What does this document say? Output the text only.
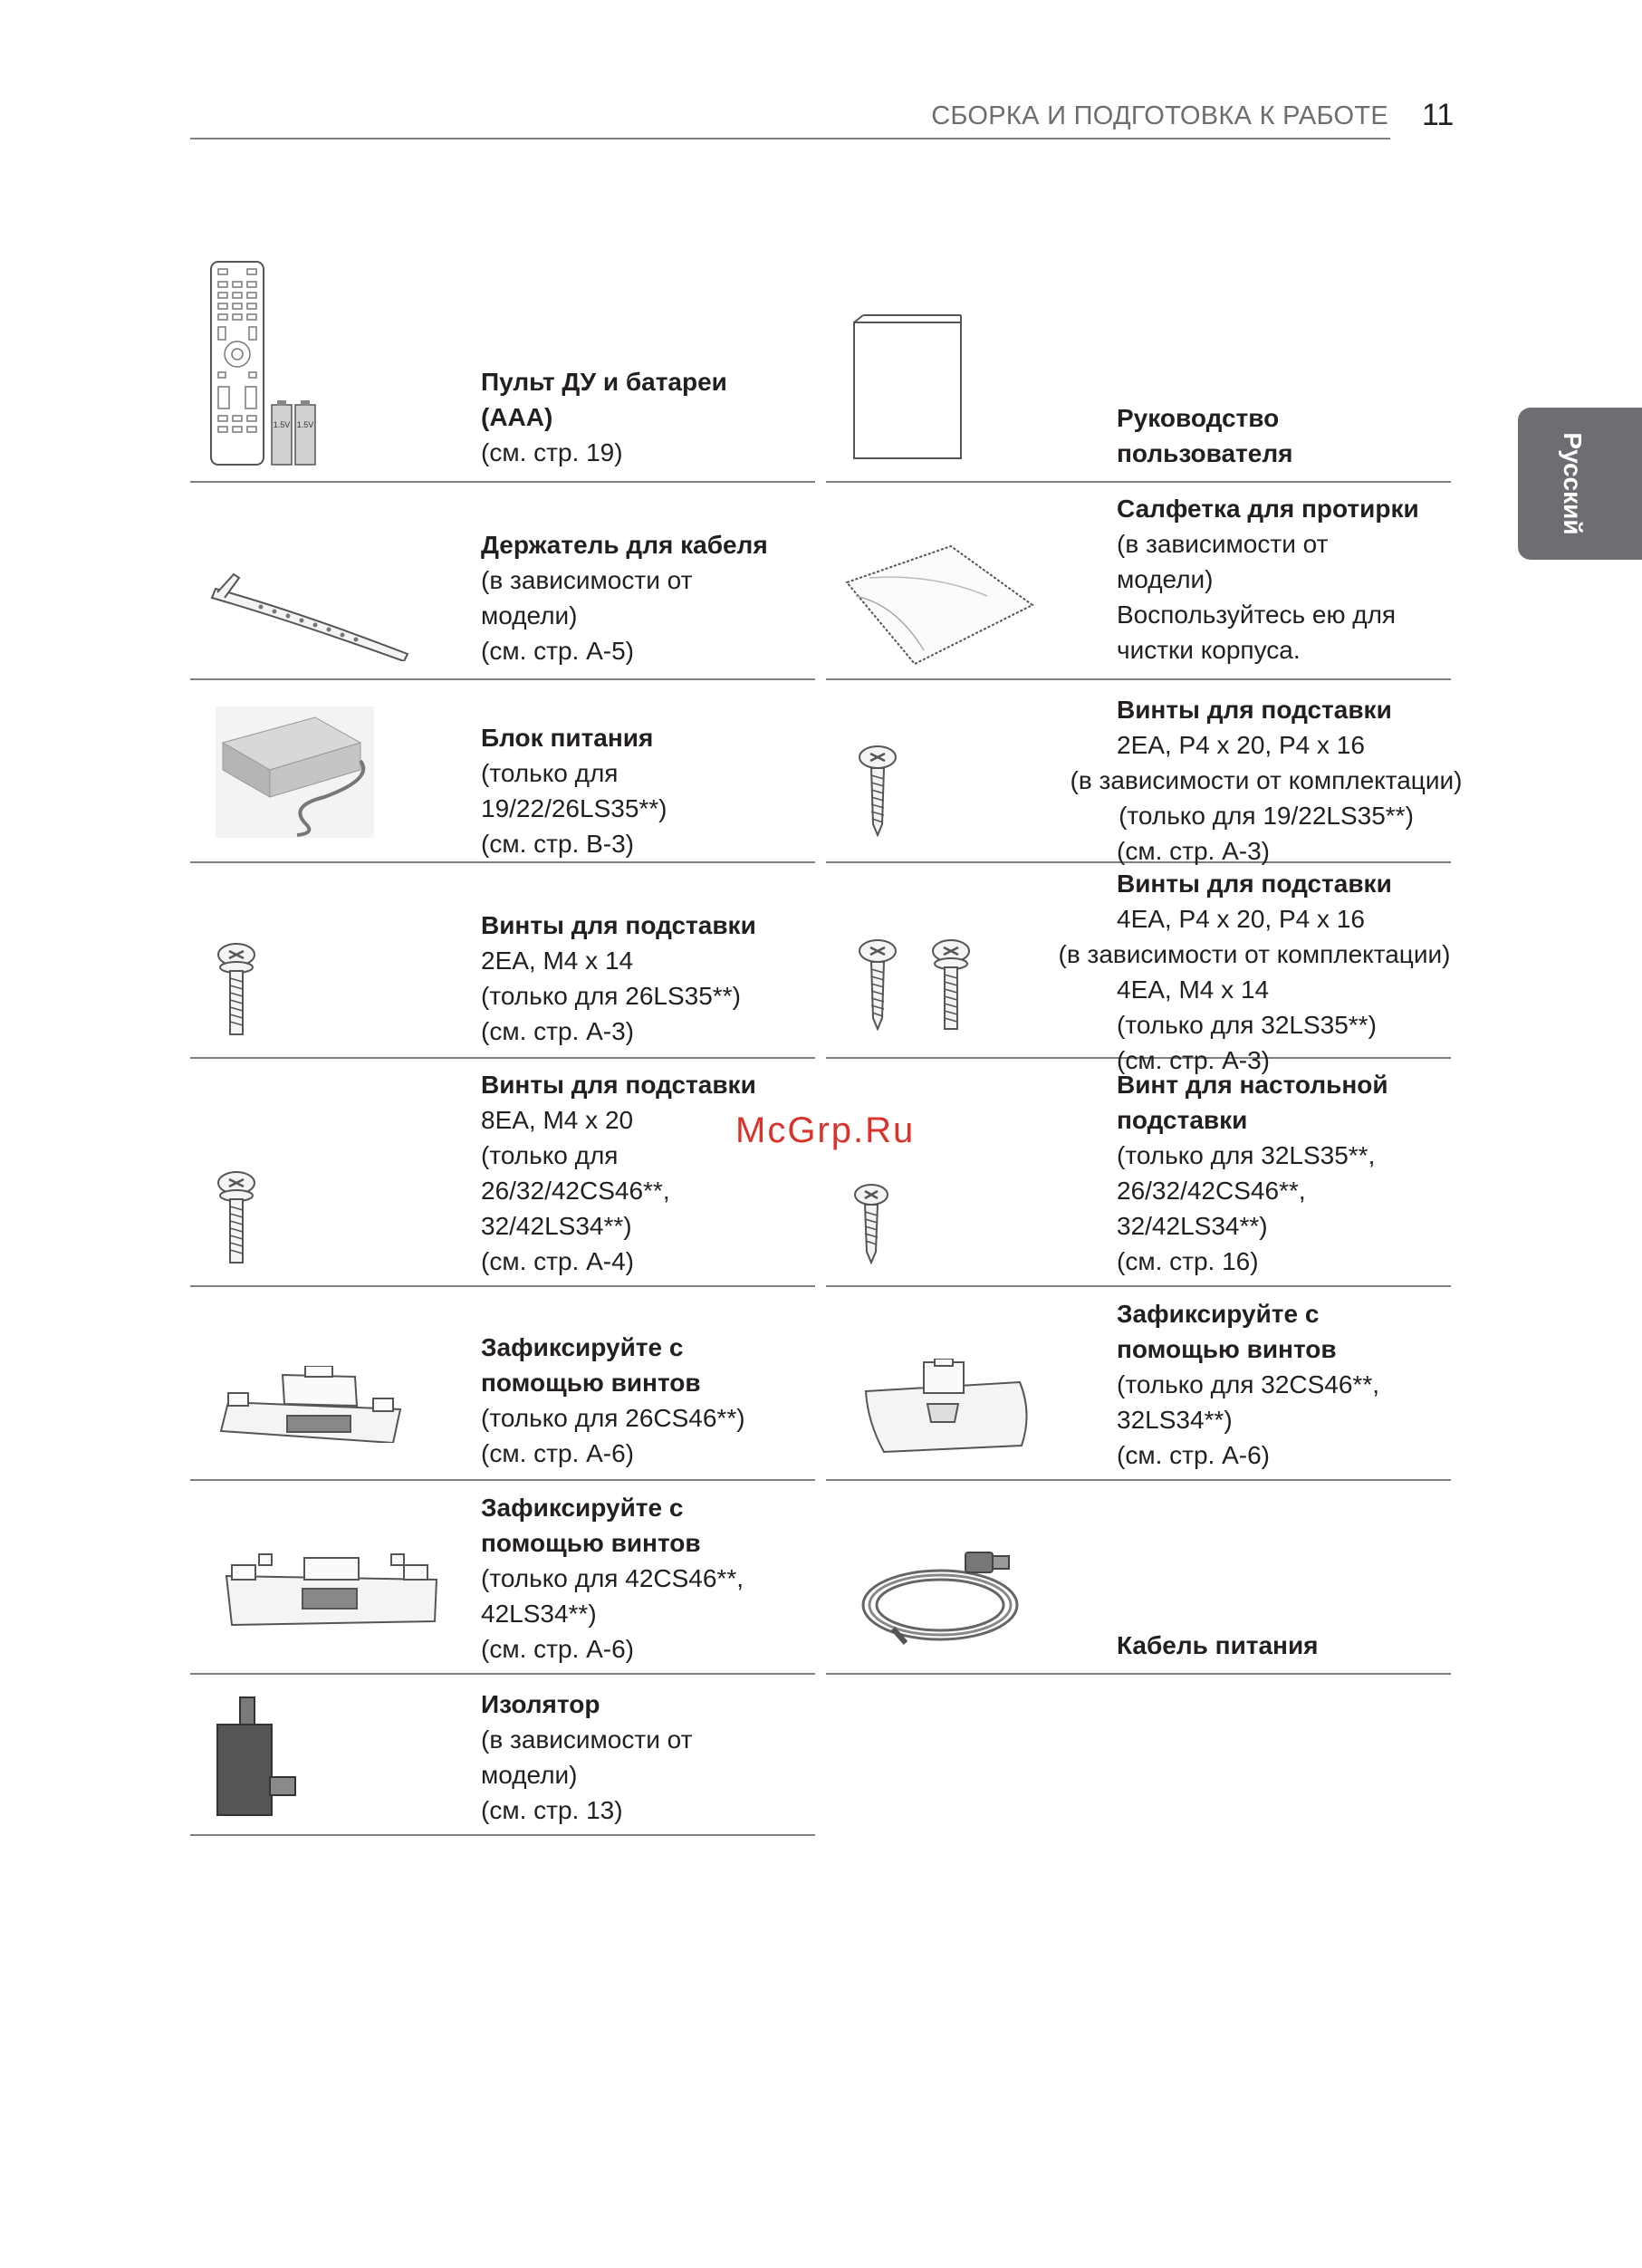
СБОРКА И ПОДГОТОВКА К РАБОТЕ 11
Русский
McGrp.Ru
1.5V 1.5V

Пульт ДУ и батареи

(AAA)

(см. стр. 19)

Руководство

пользователя

Держатель для кабеля

(в зависимости от

модели)

(см. стр. A-5)

Салфетка для протирки

(в зависимости от

модели)

Воспользуйтесь ею для

чистки корпуса.

Блок питания

(только для

19/22/26LS35**)

(см. стр. B-3)

Винты для подставки

2EA, P4 x 20, P4 x 16

(в зависимости от комплектации)

(только для 19/22LS35**)

(см. стр. A-3)

Винты для подставки

2EA, M4 x 14

(только для 26LS35**)

(см. стр. A-3)

Винты для подставки

4EA, P4 x 20, P4 x 16

(в зависимости от комплектации)

4EA, M4 x 14

(только для 32LS35**)

(см. стр. A-3)

Винты для подставки

8EA, M4 x 20

(только для

26/32/42CS46**,

32/42LS34**)

(см. стр. A-4)

Винт для настольной

подставки

(только для 32LS35**,

26/32/42CS46**,

32/42LS34**)

(см. стр. 16)

Зафиксируйте с

помощью винтов

(только для 26CS46**)

(см. стр. A-6)

Зафиксируйте с

помощью винтов

(только для 32CS46**,

32LS34**)

(см. стр. A-6)

Зафиксируйте с

помощью винтов

(только для 42CS46**,

42LS34**)

(см. стр. A-6)	Кабель питания

Изолятор

(в зависимости от

модели)

(см. стр. 13)
